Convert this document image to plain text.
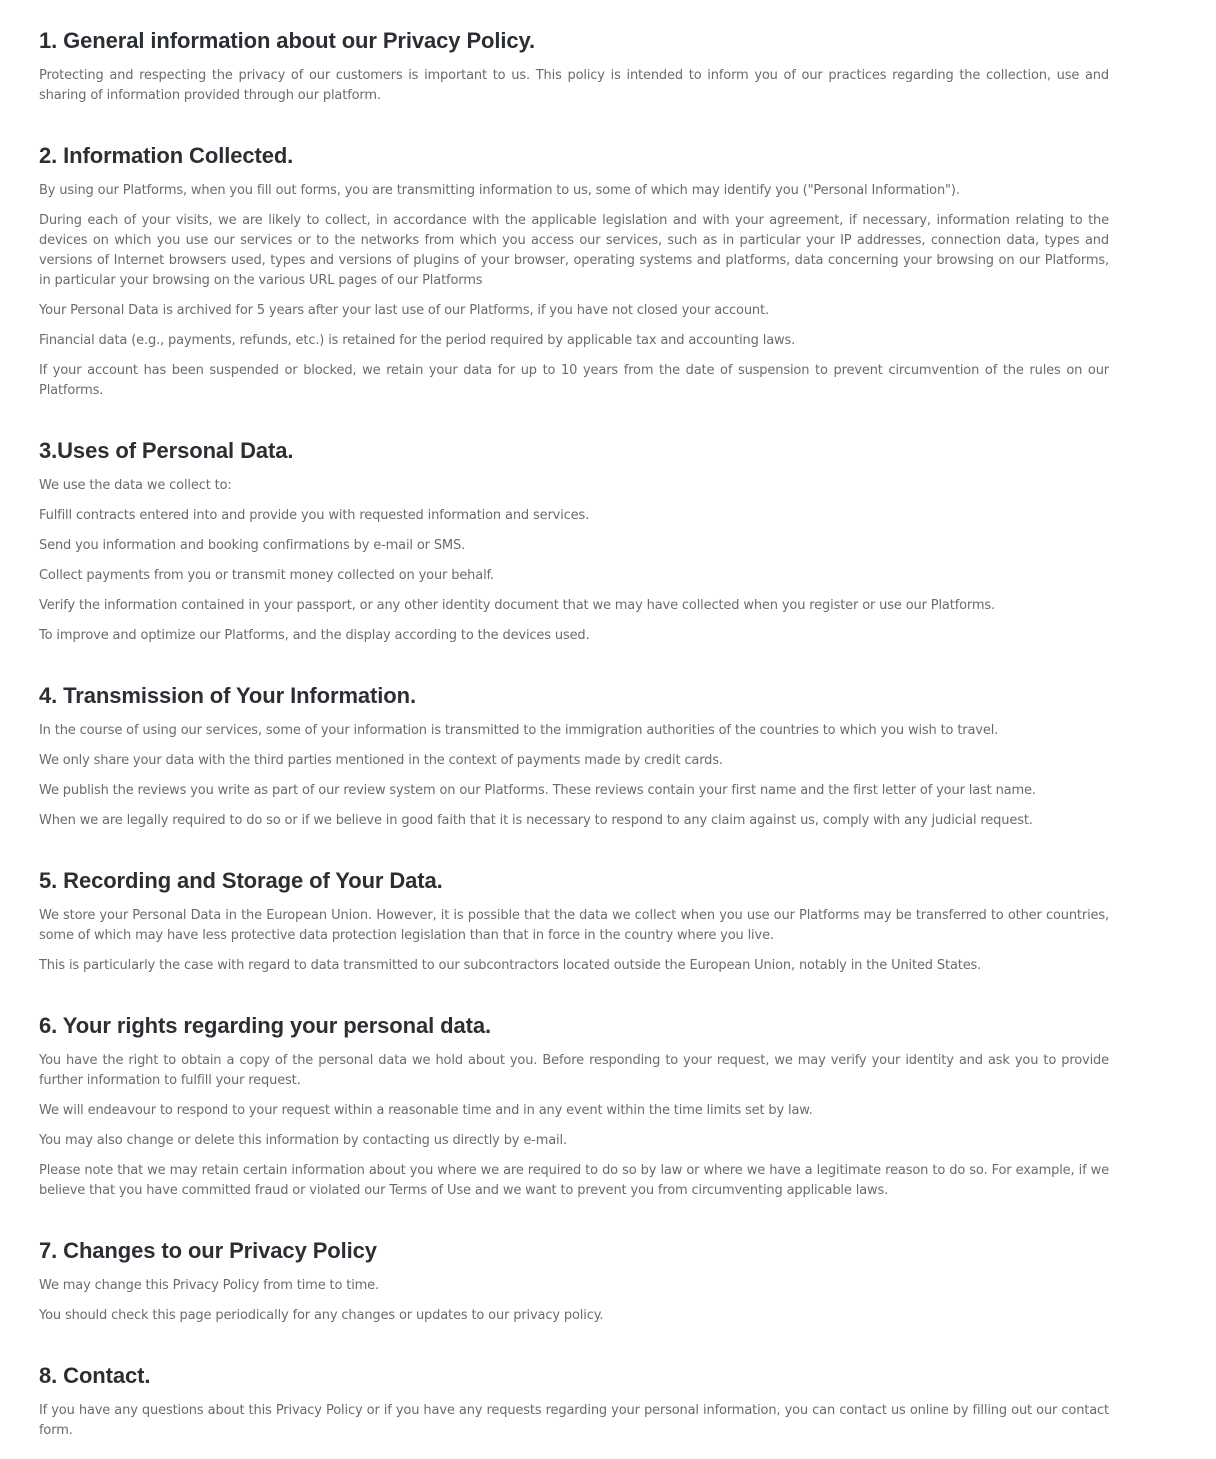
1. General information about our Privacy Policy.

Protecting and respecting the privacy of our customers is important to us. This policy is intended to inform you of our practices regarding the collection, use and sharing of information provided through our platform.

2. Information Collected.

By using our Platforms, when you fill out forms, you are transmitting information to us, some of which may identify you ("Personal Information").

During each of your visits, we are likely to collect, in accordance with the applicable legislation and with your agreement, if necessary, information relating to the devices on which you use our services or to the networks from which you access our services, such as in particular your IP addresses, connection data, types and versions of Internet browsers used, types and versions of plugins of your browser, operating systems and platforms, data concerning your browsing on our Platforms, in particular your browsing on the various URL pages of our Platforms

Your Personal Data is archived for 5 years after your last use of our Platforms, if you have not closed your account.

Financial data (e.g., payments, refunds, etc.) is retained for the period required by applicable tax and accounting laws.

If your account has been suspended or blocked, we retain your data for up to 10 years from the date of suspension to prevent circumvention of the rules on our Platforms.

3.Uses of Personal Data.

We use the data we collect to:

Fulfill contracts entered into and provide you with requested information and services.

Send you information and booking confirmations by e-mail or SMS.

Collect payments from you or transmit money collected on your behalf.

Verify the information contained in your passport, or any other identity document that we may have collected when you register or use our Platforms.

To improve and optimize our Platforms, and the display according to the devices used.

4. Transmission of Your Information.

In the course of using our services, some of your information is transmitted to the immigration authorities of the countries to which you wish to travel.

We only share your data with the third parties mentioned in the context of payments made by credit cards.

We publish the reviews you write as part of our review system on our Platforms. These reviews contain your first name and the first letter of your last name.

When we are legally required to do so or if we believe in good faith that it is necessary to respond to any claim against us, comply with any judicial request.

5. Recording and Storage of Your Data.

We store your Personal Data in the European Union. However, it is possible that the data we collect when you use our Platforms may be transferred to other countries, some of which may have less protective data protection legislation than that in force in the country where you live.

This is particularly the case with regard to data transmitted to our subcontractors located outside the European Union, notably in the United States.

6. Your rights regarding your personal data.

You have the right to obtain a copy of the personal data we hold about you. Before responding to your request, we may verify your identity and ask you to provide further information to fulfill your request.

We will endeavour to respond to your request within a reasonable time and in any event within the time limits set by law.

You may also change or delete this information by contacting us directly by e-mail.

Please note that we may retain certain information about you where we are required to do so by law or where we have a legitimate reason to do so. For example, if we believe that you have committed fraud or violated our Terms of Use and we want to prevent you from circumventing applicable laws.

7. Changes to our Privacy Policy

We may change this Privacy Policy from time to time.

You should check this page periodically for any changes or updates to our privacy policy.

8. Contact.

If you have any questions about this Privacy Policy or if you have any requests regarding your personal information, you can contact us online by filling out our contact form.
